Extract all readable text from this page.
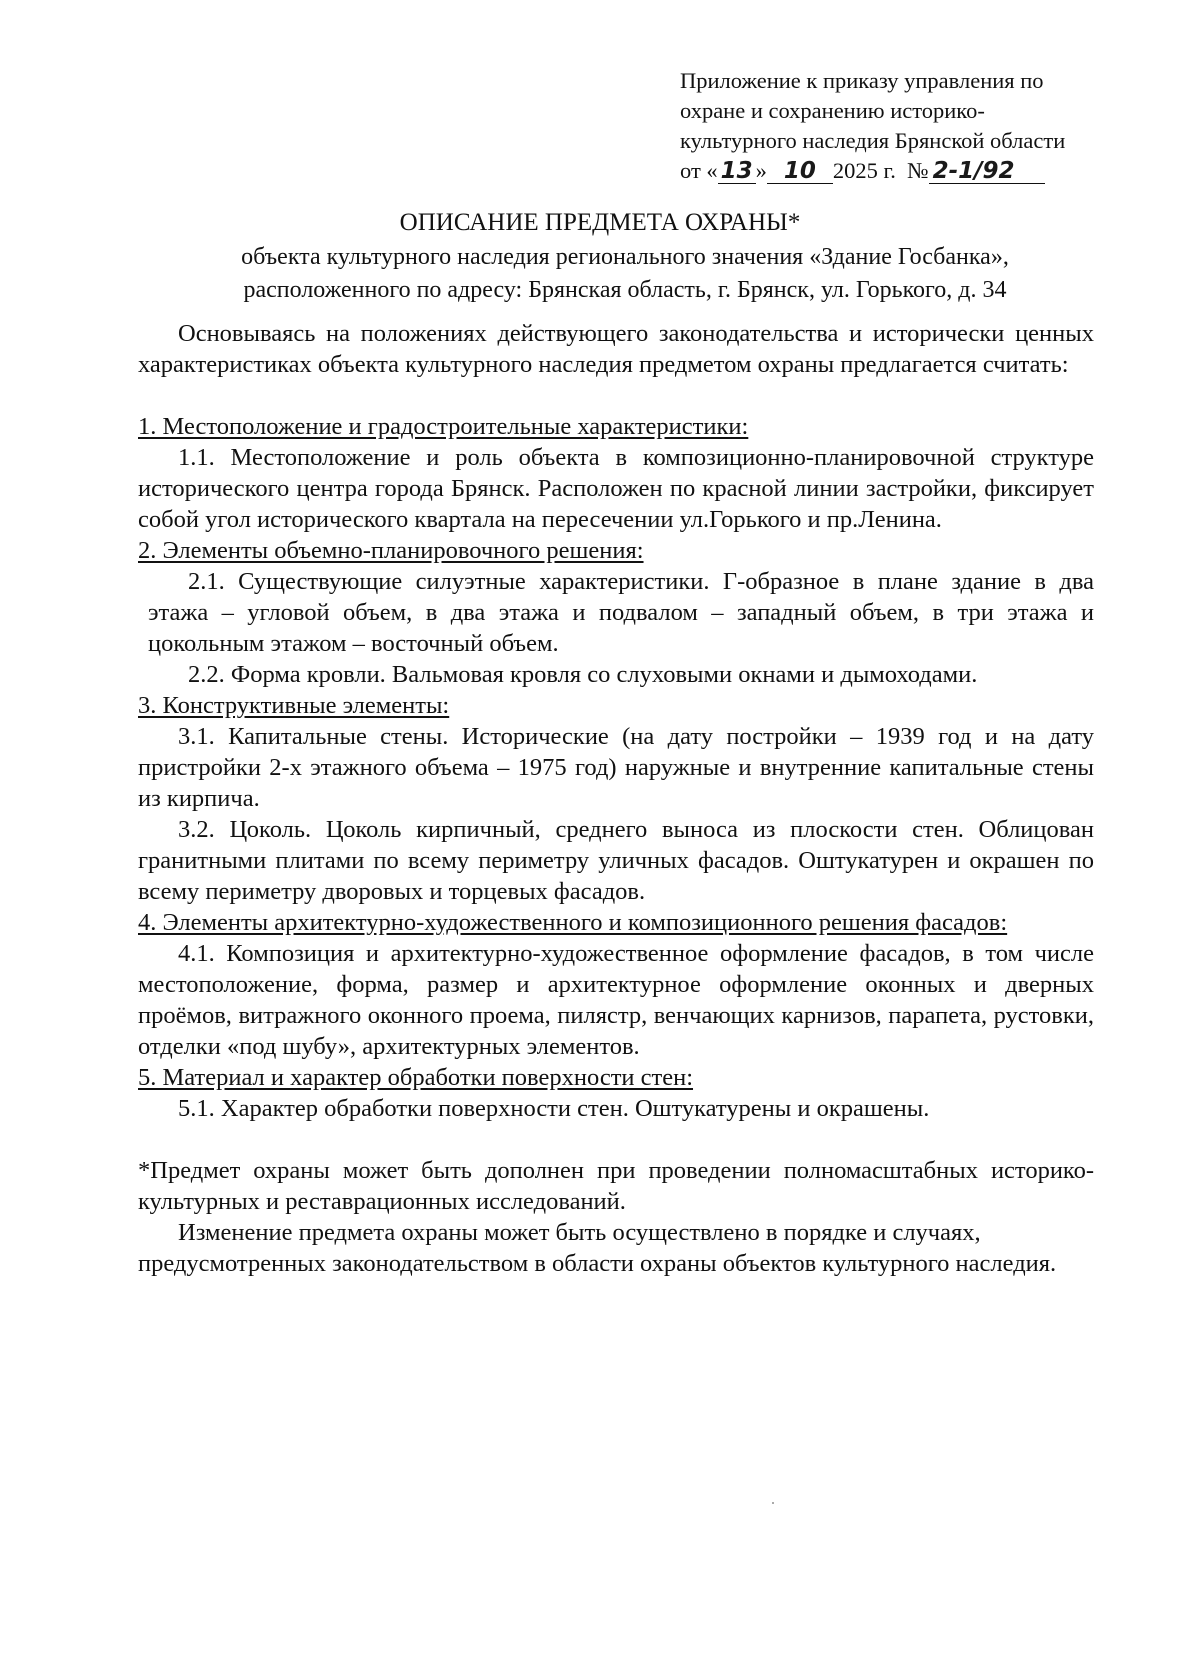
Приложение к приказу управления по
охране и сохранению историко-
культурного наследия Брянской области
от « 13 » 10 2025 г. № 2-1/92
ОПИСАНИЕ ПРЕДМЕТА ОХРАНЫ*
объекта культурного наследия регионального значения «Здание Госбанка»,
расположенного по адресу: Брянская область, г. Брянск, ул. Горького, д. 34

Основываясь на положениях действующего законодательства и исторически ценных характеристиках объекта культурного наследия предметом охраны предлагается считать:

1. Местоположение и градостроительные характеристики:

1.1. Местоположение и роль объекта в композиционно-планировочной структуре исторического центра города Брянск. Расположен по красной линии застройки, фиксирует собой угол исторического квартала на пересечении ул.Горького и пр.Ленина.

2. Элементы объемно-планировочного решения:

2.1. Существующие силуэтные характеристики. Г-образное в плане здание в два этажа – угловой объем, в два этажа и подвалом – западный объем, в три этажа и цокольным этажом – восточный объем.

2.2. Форма кровли. Вальмовая кровля со слуховыми окнами и дымоходами.

3. Конструктивные элементы:

3.1. Капитальные стены. Исторические (на дату постройки – 1939 год и на дату пристройки 2-х этажного объема – 1975 год) наружные и внутренние капитальные стены из кирпича.

3.2. Цоколь. Цоколь кирпичный, среднего выноса из плоскости стен. Облицован гранитными плитами по всему периметру уличных фасадов. Оштукатурен и окрашен по всему периметру дворовых и торцевых фасадов.

4. Элементы архитектурно-художественного и композиционного решения фасадов:

4.1. Композиция и архитектурно-художественное оформление фасадов, в том числе местоположение, форма, размер и архитектурное оформление оконных и дверных проёмов, витражного оконного проема, пилястр, венчающих карнизов, парапета, рустовки, отделки «под шубу», архитектурных элементов.

5. Материал и характер обработки поверхности стен:

5.1. Характер обработки поверхности стен. Оштукатурены и окрашены.

*Предмет охраны может быть дополнен при проведении полномасштабных историко-культурных и реставрационных исследований.

Изменение предмета охраны может быть осуществлено в порядке и случаях, предусмотренных законодательством в области охраны объектов культурного наследия.
